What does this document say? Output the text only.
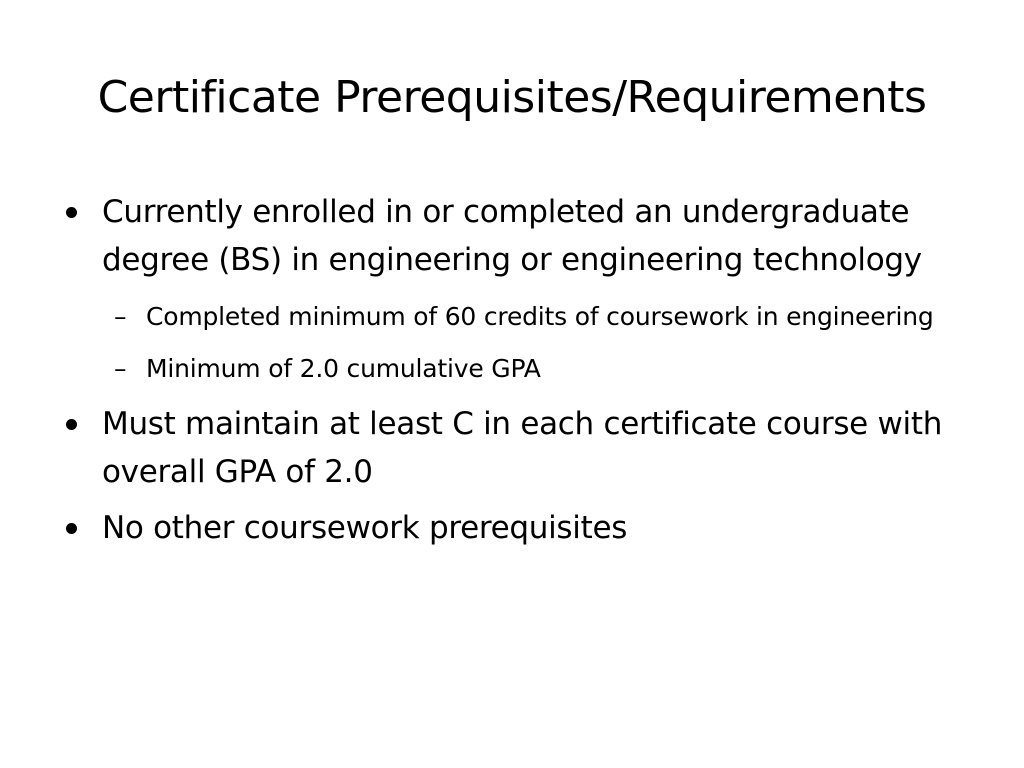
Certificate Prerequisites/Requirements
Currently enrolled in or completed an undergraduate degree (BS) in engineering or engineering technology
– Completed minimum of 60 credits of coursework in engineering
– Minimum of 2.0 cumulative GPA
Must maintain at least C in each certificate course with overall GPA of 2.0
No other coursework prerequisites
